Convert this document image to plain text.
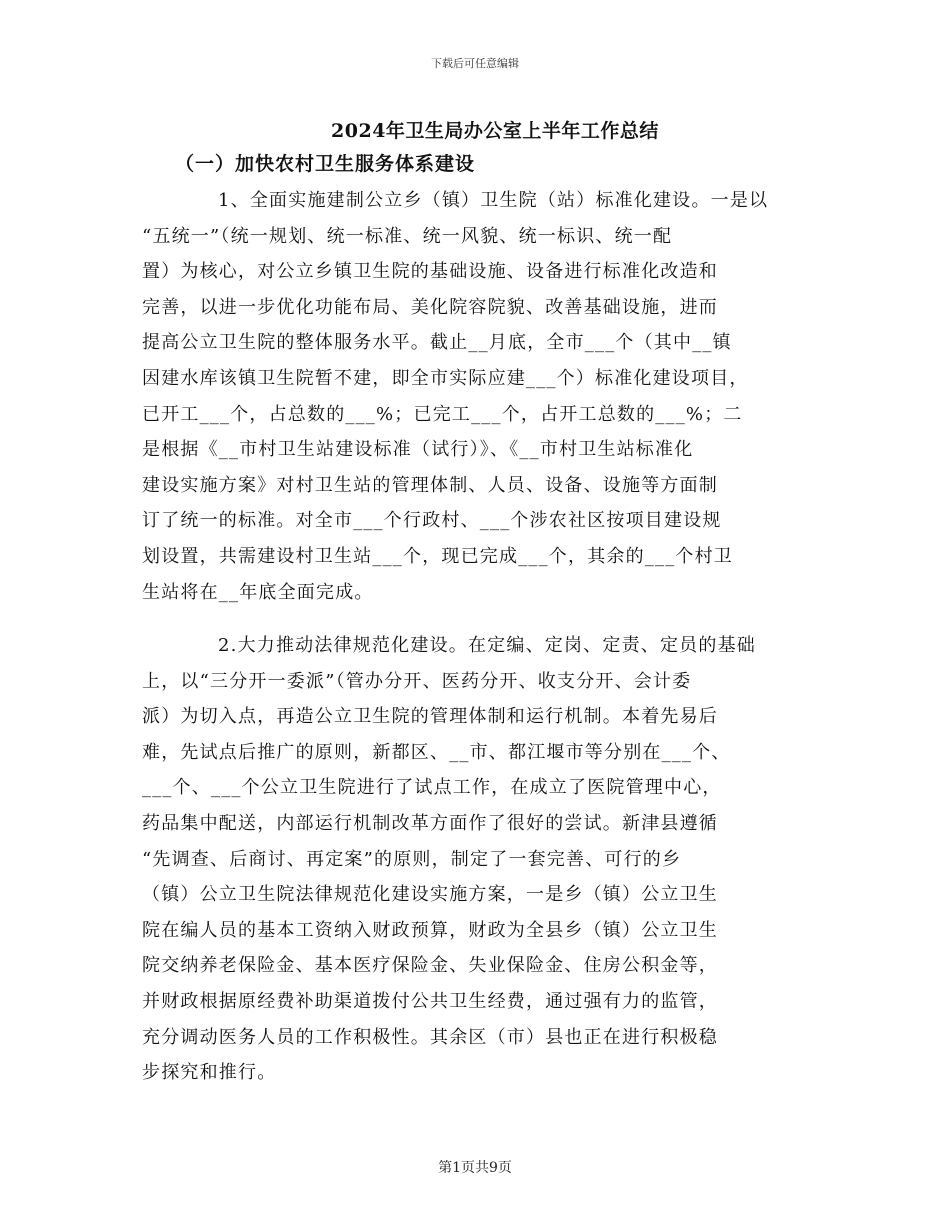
下载后可任意编辑
2024年卫生局办公室上半年工作总结
（一）加快农村卫生服务体系建设
1、全面实施建制公立乡（镇）卫生院（站）标准化建设。一是以
“五统一”（统一规划、统一标准、统一风貌、统一标识、统一配
置）为核心，对公立乡镇卫生院的基础设施、设备进行标准化改造和
完善，以进一步优化功能布局、美化院容院貌、改善基础设施，进而
提高公立卫生院的整体服务水平。截止__月底，全市___个（其中__镇
因建水库该镇卫生院暂不建，即全市实际应建___个）标准化建设项目，
已开工___个，占总数的___%；已完工___个，占开工总数的___%；二
是根据《__市村卫生站建设标准（试行）》、《__市村卫生站标准化
建设实施方案》对村卫生站的管理体制、人员、设备、设施等方面制
订了统一的标准。对全市___个行政村、___个涉农社区按项目建设规
划设置，共需建设村卫生站___个，现已完成___个，其余的___个村卫
生站将在__年底全面完成。
2.大力推动法律规范化建设。在定编、定岗、定责、定员的基础
上，以“三分开一委派”（管办分开、医药分开、收支分开、会计委
派）为切入点，再造公立卫生院的管理体制和运行机制。本着先易后
难，先试点后推广的原则，新都区、__市、都江堰市等分别在___个、
___个、___个公立卫生院进行了试点工作，在成立了医院管理中心，
药品集中配送，内部运行机制改革方面作了很好的尝试。新津县遵循
“先调查、后商讨、再定案”的原则，制定了一套完善、可行的乡
（镇）公立卫生院法律规范化建设实施方案，一是乡（镇）公立卫生
院在编人员的基本工资纳入财政预算，财政为全县乡（镇）公立卫生
院交纳养老保险金、基本医疗保险金、失业保险金、住房公积金等，
并财政根据原经费补助渠道拨付公共卫生经费，通过强有力的监管，
充分调动医务人员的工作积极性。其余区（市）县也正在进行积极稳
步探究和推行。
第1页共9页
